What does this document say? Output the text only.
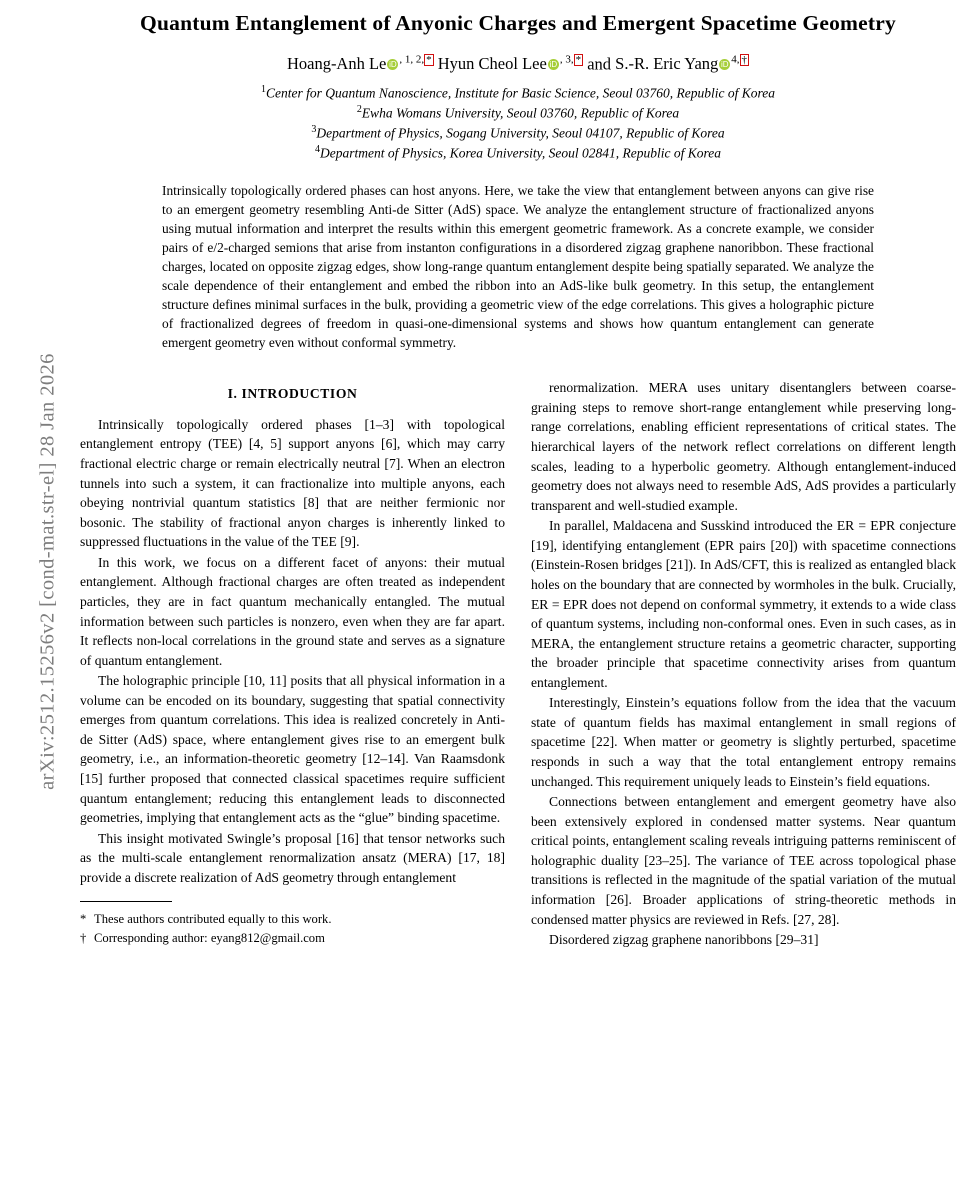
arXiv:2512.15256v2 [cond-mat.str-el] 28 Jan 2026
Quantum Entanglement of Anyonic Charges and Emergent Spacetime Geometry
Hoang-Anh Le iD $^{, 1, 2,}$ * Hyun Cheol Lee iD $^{, 3,}$ * and S.-R. Eric Yang iD $^{4,}$ †
$^1$Center for Quantum Nanoscience, Institute for Basic Science, Seoul 03760, Republic of Korea
$^2$Ewha Womans University, Seoul 03760, Republic of Korea
$^3$Department of Physics, Sogang University, Seoul 04107, Republic of Korea
$^4$Department of Physics, Korea University, Seoul 02841, Republic of Korea
Intrinsically topologically ordered phases can host anyons. Here, we take the view that entanglement between anyons can give rise to an emergent geometry resembling Anti-de Sitter (AdS) space. We analyze the entanglement structure of fractionalized anyons using mutual information and interpret the results within this emergent geometric framework. As a concrete example, we consider pairs of e/2-charged semions that arise from instanton configurations in a disordered zigzag graphene nanoribbon. These fractional charges, located on opposite zigzag edges, show long-range quantum entanglement despite being spatially separated. We analyze the scale dependence of their entanglement and embed the ribbon into an AdS-like bulk geometry. In this setup, the entanglement structure defines minimal surfaces in the bulk, providing a geometric view of the edge correlations. This gives a holographic picture of fractionalized degrees of freedom in quasi-one-dimensional systems and shows how quantum entanglement can generate emergent geometry even without conformal symmetry.
I. INTRODUCTION

Intrinsically topologically ordered phases [1–3] with topological entanglement entropy (TEE) [4, 5] support anyons [6], which may carry fractional electric charge or remain electrically neutral [7]. When an electron tunnels into such a system, it can fractionalize into multiple anyons, each obeying nontrivial quantum statistics [8] that are neither fermionic nor bosonic. The stability of fractional anyon charges is inherently linked to suppressed fluctuations in the value of the TEE [9].

In this work, we focus on a different facet of anyons: their mutual entanglement. Although fractional charges are often treated as independent particles, they are in fact quantum mechanically entangled. The mutual information between such particles is nonzero, even when they are far apart. It reflects non-local correlations in the ground state and serves as a signature of quantum entanglement.

The holographic principle [10, 11] posits that all physical information in a volume can be encoded on its boundary, suggesting that spatial connectivity emerges from quantum correlations. This idea is realized concretely in Anti-de Sitter (AdS) space, where entanglement gives rise to an emergent bulk geometry, i.e., an information-theoretic geometry [12–14]. Van Raamsdonk [15] further proposed that connected classical spacetimes require sufficient quantum entanglement; reducing this entanglement leads to disconnected geometries, implying that entanglement acts as the “glue” binding spacetime.

This insight motivated Swingle’s proposal [16] that tensor networks such as the multi-scale entanglement renormalization ansatz (MERA) [17, 18] provide a discrete realization of AdS geometry through entanglement

* These authors contributed equally to this work.
† Corresponding author: eyang812@gmail.com

renormalization. MERA uses unitary disentanglers between coarse-graining steps to remove short-range entanglement while preserving long-range correlations, enabling efficient representations of critical states. The hierarchical layers of the network reflect correlations on different length scales, leading to a hyperbolic geometry. Although entanglement-induced geometry does not always need to resemble AdS, AdS provides a particularly transparent and well-studied example.

In parallel, Maldacena and Susskind introduced the ER = EPR conjecture [19], identifying entanglement (EPR pairs [20]) with spacetime connections (Einstein-Rosen bridges [21]). In AdS/CFT, this is realized as entangled black holes on the boundary that are connected by wormholes in the bulk. Crucially, ER = EPR does not depend on conformal symmetry, it extends to a wide class of quantum systems, including non-conformal ones. Even in such cases, as in MERA, the entanglement structure retains a geometric character, supporting the broader principle that spacetime connectivity arises from quantum entanglement.

Interestingly, Einstein’s equations follow from the idea that the vacuum state of quantum fields has maximal entanglement in small regions of spacetime [22]. When matter or geometry is slightly perturbed, spacetime responds in such a way that the total entanglement entropy remains unchanged. This requirement uniquely leads to Einstein’s field equations.

Connections between entanglement and emergent geometry have also been extensively explored in condensed matter systems. Near quantum critical points, entanglement scaling reveals intriguing patterns reminiscent of holographic duality [23–25]. The variance of TEE across topological phase transitions is reflected in the magnitude of the spatial variation of the mutual information [26]. Broader applications of string-theoretic methods in condensed matter physics are reviewed in Refs. [27, 28].

Disordered zigzag graphene nanoribbons [29–31]
